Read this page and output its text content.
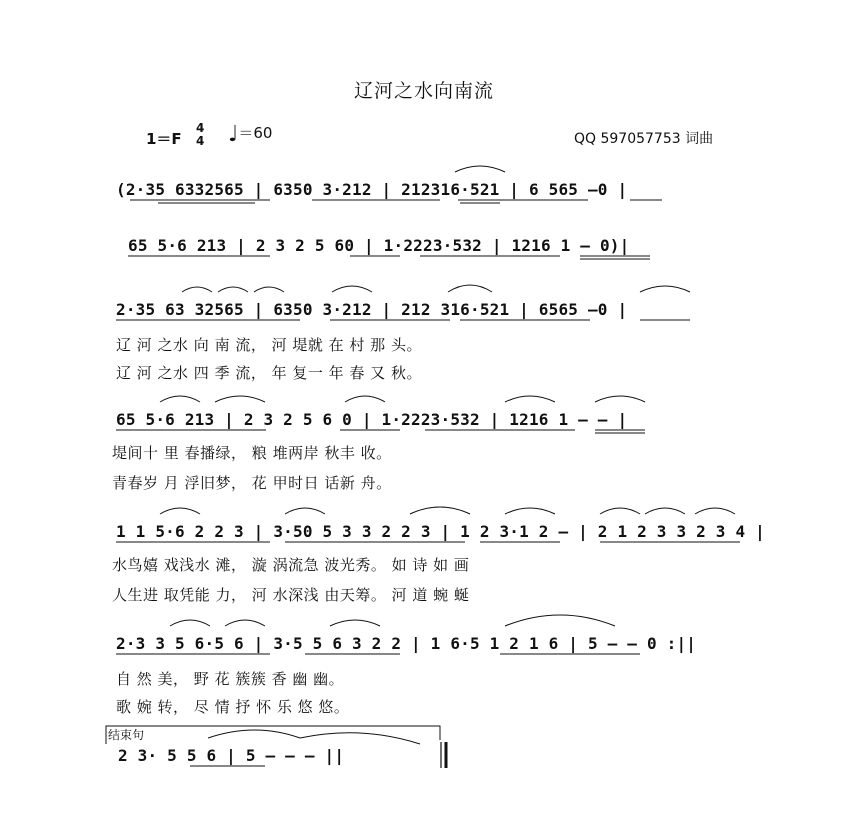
辽河之水向南流
1＝F
4
4 ♩＝60	QQ 597057753 词曲
(2·35 6332565 | 6350 3·212 | 212316·521 | 6 565 –0 |
65 5·6 213 | 2 3 2 5 60 | 1·2223·532 | 1216 1 – 0)|
2·35 63 32565 | 6350 3·212 | 212 316·521 | 6565 –0 |
辽 河 之水 向 南 流， 河 堤就 在 村 那 头。
辽 河 之水 四 季 流， 年 复一 年 春 又 秋。
65 5·6 213 | 2 3 2 5 6 0 | 1·2223·532 | 1216 1 – – |
堤间十 里 春播绿， 粮 堆两岸 秋丰 收。
青春岁 月 浮旧梦， 花 甲时日 话新 舟。
1 1 5·6 2 2 3 | 3·50 5 3 3 2 2 3 | 1 2 3·1 2 – | 2 1 2 3 3 2 3 4 |
水鸟嬉 戏浅水 滩， 漩 涡流急 波光秀。 如 诗 如 画
人生进 取凭能 力， 河 水深浅 由天筹。 河 道 蜿 蜒
2·3 3 5 6·5 6 | 3·5 5 6 3 2 2 | 1 6·5 1 2 1 6 | 5 – – 0 :||
自 然 美， 野 花 簇簇 香 幽 幽。
歌 婉 转， 尽 情 抒 怀 乐 悠 悠。
结束句
2 3· 5 5 6 | 5 – – – ||
